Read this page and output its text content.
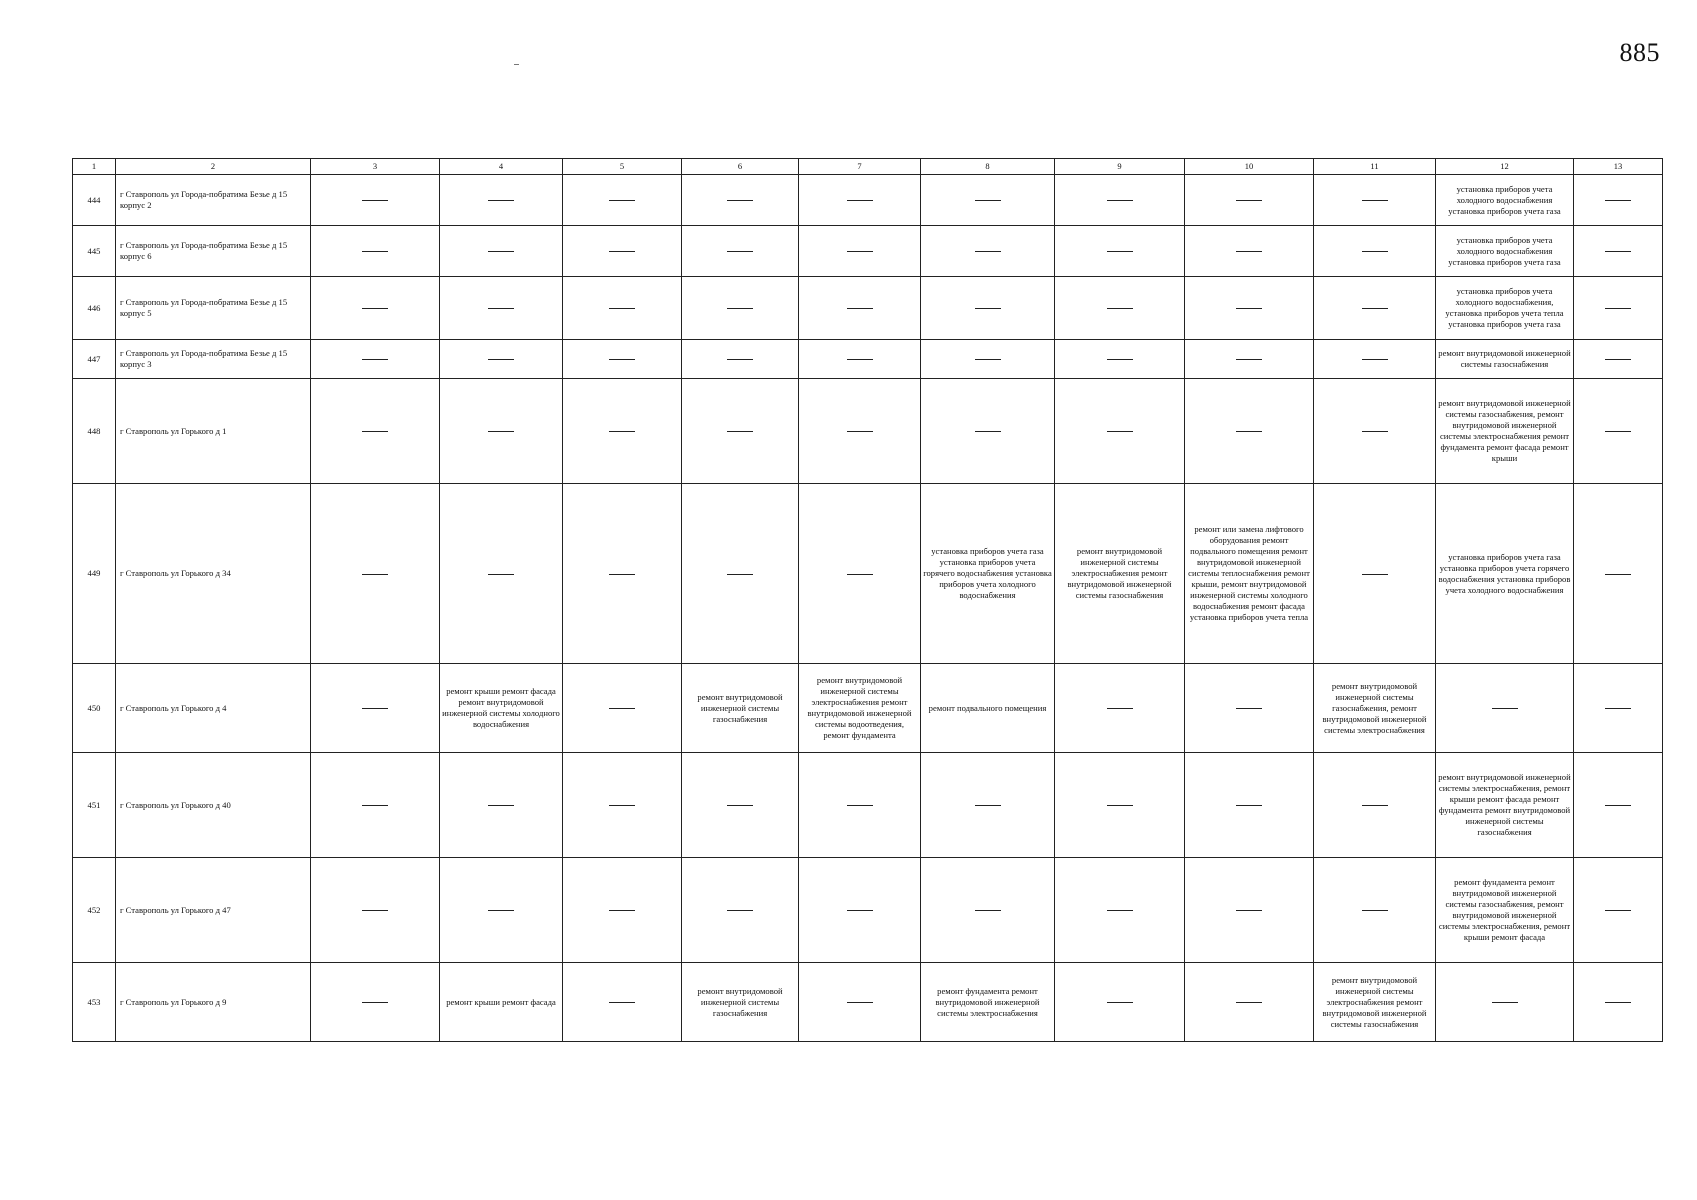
885
1	2	3	4	5	6	7	8	9	10	11	12	13
444	г Ставрополь ул Города-побратима Безье д 15 корпус 2										установка приборов учета холодного водоснабжения установка приборов учета газа	
445	г Ставрополь ул Города-побратима Безье д 15 корпус 6										установка приборов учета холодного водоснабжения установка приборов учета газа	
446	г Ставрополь ул Города-побратима Безье д 15 корпус 5										установка приборов учета холодного водоснабжения, установка приборов учета тепла установка приборов учета газа	
447	г Ставрополь ул Города-побратима Безье д 15 корпус 3										ремонт внутридомовой инженерной системы газоснабжения	
448	г Ставрополь ул Горького д 1										ремонт внутридомовой инженерной системы газоснабжения, ремонт внутридомовой инженерной системы электроснабжения ремонт фундамента ремонт фасада ремонт крыши	
449	г Ставрополь ул Горького д 34						установка приборов учета газа установка приборов учета горячего водоснабжения установка приборов учета холодного водоснабжения	ремонт внутридомовой инженерной системы электроснабжения ремонт внутридомовой инженерной системы газоснабжения	ремонт или замена лифтового оборудования ремонт подвального помещения ремонт внутридомовой инженерной системы теплоснабжения ремонт крыши, ремонт внутридомовой инженерной системы холодного водоснабжения ремонт фасада установка приборов учета тепла		установка приборов учета газа установка приборов учета горячего водоснабжения установка приборов учета холодного водоснабжения	
450	г Ставрополь ул Горького д 4		ремонт крыши ремонт фасада ремонт внутридомовой инженерной системы холодного водоснабжения		ремонт внутридомовой инженерной системы газоснабжения	ремонт внутридомовой инженерной системы электроснабжения ремонт внутридомовой инженерной системы водоотведения, ремонт фундамента	ремонт подвального помещения			ремонт внутридомовой инженерной системы газоснабжения, ремонт внутридомовой инженерной системы электроснабжения		
451	г Ставрополь ул Горького д 40										ремонт внутридомовой инженерной системы электроснабжения, ремонт крыши ремонт фасада ремонт фундамента ремонт внутридомовой инженерной системы газоснабжения	
452	г Ставрополь ул Горького д 47										ремонт фундамента ремонт внутридомовой инженерной системы газоснабжения, ремонт внутридомовой инженерной системы электроснабжения, ремонт крыши ремонт фасада	
453	г Ставрополь ул Горького д 9		ремонт крыши ремонт фасада		ремонт внутридомовой инженерной системы газоснабжения		ремонт фундамента ремонт внутридомовой инженерной системы электроснабжения			ремонт внутридомовой инженерной системы электроснабжения ремонт внутридомовой инженерной системы газоснабжения		
